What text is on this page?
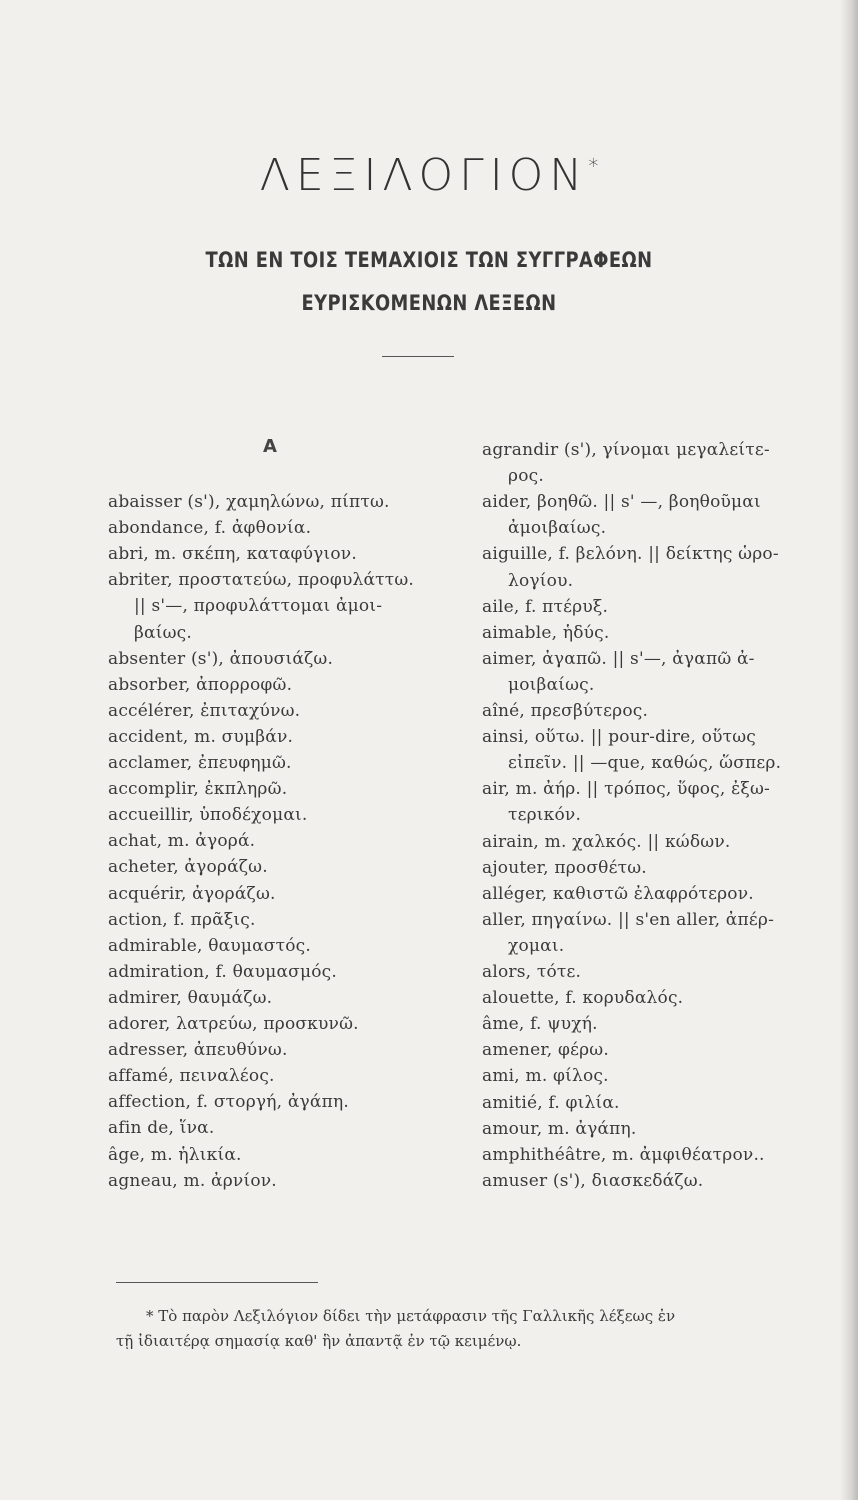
ΛΕΞΙΛΟΓΙΟΝ*
ΤΩΝ ΕΝ ΤΟΙΣ ΤΕΜΑΧΙΟΙΣ ΤΩΝ ΣΥΓΓΡΑΦΕΩΝ
ΕΥΡΙΣΚΟΜΕΝΩΝ ΛΕΞΕΩΝ
A
abaisser (s'), χαμηλώνω, πίπτω.
abondance, f. ἀφθονία.
abri, m. σκέπη, καταφύγιον.
abriter, προστατεύω, προφυλάττω.
|| s'—, προφυλάττομαι ἀμοι-
βαίως.
absenter (s'), ἀπουσιάζω.
absorber, ἀπορροφῶ.
accélérer, ἐπιταχύνω.
accident, m. συμβάν.
acclamer, ἐπευφημῶ.
accomplir, ἐκπληρῶ.
accueillir, ὑποδέχομαι.
achat, m. ἀγορά.
acheter, ἀγοράζω.
acquérir, ἀγοράζω.
action, f. πρᾶξις.
admirable, θαυμαστός.
admiration, f. θαυμασμός.
admirer, θαυμάζω.
adorer, λατρεύω, προσκυνῶ.
adresser, ἀπευθύνω.
affamé, πειναλέος.
affection, f. στοργή, ἀγάπη.
afin de, ἵνα.
âge, m. ἡλικία.
agneau, m. ἀρνίον.
agrandir (s'), γίνομαι μεγαλείτε-
ρος.
aider, βοηθῶ. || s' —, βοηθοῦμαι
ἀμοιβαίως.
aiguille, f. βελόνη. || δείκτης ὡρο-
λογίου.
aile, f. πτέρυξ.
aimable, ἡδύς.
aimer, ἀγαπῶ. || s'—, ἀγαπῶ ἀ-
μοιβαίως.
aîné, πρεσβύτερος.
ainsi, οὕτω. || pour-dire, οὕτως
εἰπεῖν. || —que, καθώς, ὥσπερ.
air, m. ἀήρ. || τρόπος, ὕφος, ἐξω-
τερικόν.
airain, m. χαλκός. || κώδων.
ajouter, προσθέτω.
alléger, καθιστῶ ἐλαφρότερον.
aller, πηγαίνω. || s'en aller, ἀπέρ-
χομαι.
alors, τότε.
alouette, f. κορυδαλός.
âme, f. ψυχή.
amener, φέρω.
ami, m. φίλος.
amitié, f. φιλία.
amour, m. ἀγάπη.
amphithéâtre, m. ἀμφιθέατρον..
amuser (s'), διασκεδάζω.
* Τὸ παρὸν Λεξιλόγιον δίδει τὴν μετάφρασιν τῆς Γαλλικῆς λέξεως ἐν
τῇ ἰδιαιτέρᾳ σημασίᾳ καθ' ἣν ἀπαντᾷ ἐν τῷ κειμένῳ.
